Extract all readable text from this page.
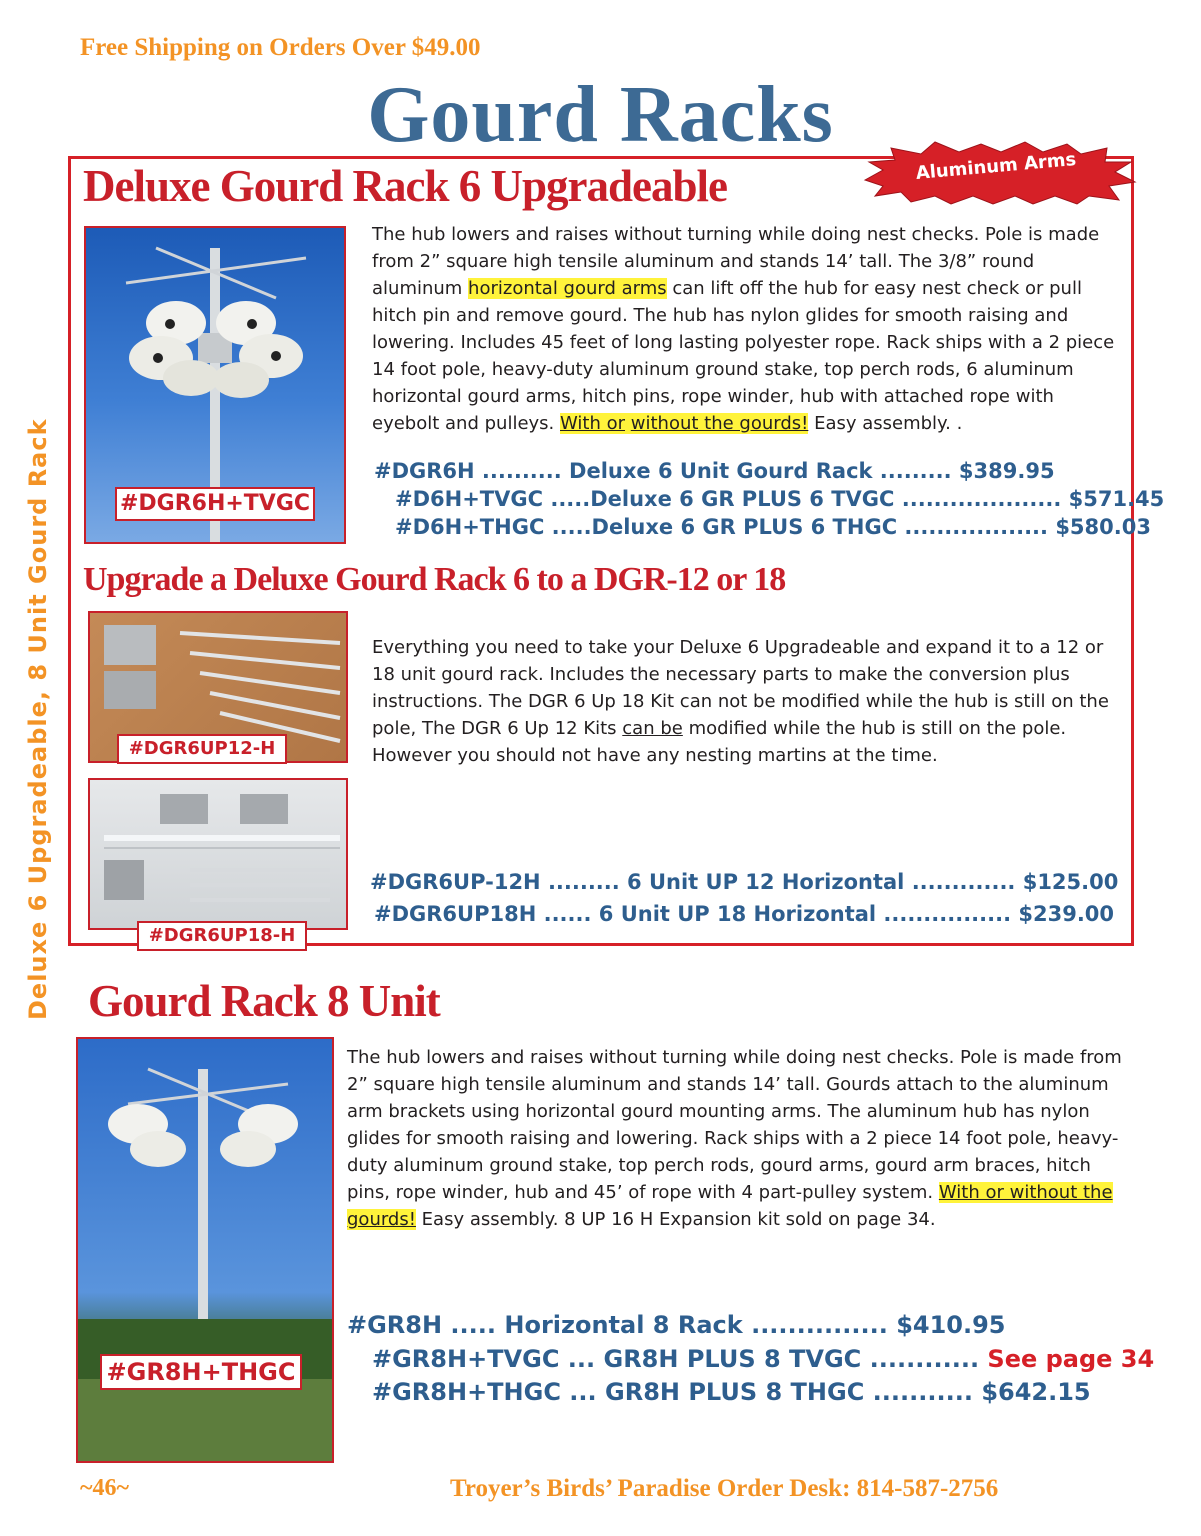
Free Shipping on Orders Over $49.00
Gourd Racks
Deluxe 6 Upgradeable, 8 Unit Gourd Rack
Deluxe Gourd Rack 6 Upgradeable	Aluminum Arms
#DGR6H+TVGC
The hub lowers and raises without turning while doing nest checks. Pole is made from 2” square high tensile aluminum and stands 14’ tall. The 3/8” round aluminum horizontal gourd arms can lift off the hub for easy nest check or pull hitch pin and remove gourd. The hub has nylon glides for smooth raising and lowering. Includes 45 feet of long lasting polyester rope. Rack ships with a 2 piece 14 foot pole, heavy-duty aluminum ground stake, top perch rods, 6 aluminum horizontal gourd arms, hitch pins, rope winder, hub with attached rope with eyebolt and pulleys. With or without the gourds! Easy assembly. .
#DGR6H .......... Deluxe 6 Unit Gourd Rack ......... $389.95
#D6H+TVGC .....Deluxe 6 GR PLUS 6 TVGC .................... $571.45
#D6H+THGC .....Deluxe 6 GR PLUS 6 THGC .................. $580.03
Upgrade a Deluxe Gourd Rack 6 to a DGR-12 or 18
#DGR6UP12-H
#DGR6UP18-H
Everything you need to take your Deluxe 6 Upgradeable and expand it to a 12 or 18 unit gourd rack. Includes the necessary parts to make the conversion plus instructions. The DGR 6 Up 18 Kit can not be modified while the hub is still on the pole, The DGR 6 Up 12 Kits can be modified while the hub is still on the pole. However you should not have any nesting martins at the time.
#DGR6UP-12H ......... 6 Unit UP 12 Horizontal ............. $125.00
#DGR6UP18H ...... 6 Unit UP 18 Horizontal ................ $239.00
Gourd Rack 8 Unit
#GR8H+THGC
The hub lowers and raises without turning while doing nest checks. Pole is made from 2” square high tensile aluminum and stands 14’ tall. Gourds attach to the aluminum arm brackets using horizontal gourd mounting arms. The aluminum hub has nylon glides for smooth raising and lowering. Rack ships with a 2 piece 14 foot pole, heavy-duty aluminum ground stake, top perch rods, gourd arms, gourd arm braces, hitch pins, rope winder, hub and 45’ of rope with 4 part-pulley system. With or without the gourds! Easy assembly. 8 UP 16 H Expansion kit sold on page 34.
#GR8H ..... Horizontal 8 Rack ............... $410.95
#GR8H+TVGC ... GR8H PLUS 8 TVGC ............ See page 34
#GR8H+THGC ... GR8H PLUS 8 THGC ........... $642.15
~46~	Troyer’s Birds’ Paradise Order Desk: 814-587-2756
